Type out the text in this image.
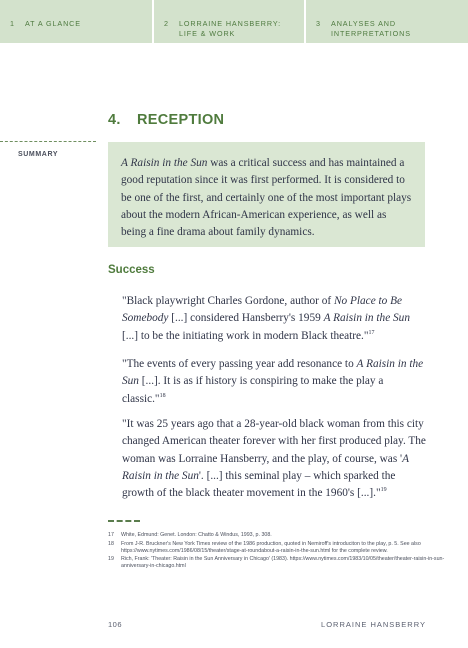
1	AT A GLANCE	2	LORRAINE HANSBERRY:
LIFE & WORK
3	ANALYSES AND
INTERPRETATIONS
4. RECEPTION
SUMMARY
A Raisin in the Sun was a critical success and has maintained a good reputation since it was first performed. It is considered to be one of the first, and certainly one of the most important plays about the modern African-American experience, as well as being a fine drama about family dynamics.
Success
"Black playwright Charles Gordone, author of No Place to Be Somebody [...] considered Hansberry's 1959 A Raisin in the Sun [...] to be the initiating work in modern Black theatre."$^{17}$
"The events of every passing year add resonance to A Raisin in the Sun [...]. It is as if history is conspiring to make the play a classic."$^{18}$
"It was 25 years ago that a 28-year-old black woman from this city changed American theater forever with her first produced play. The woman was Lorraine Hansberry, and the play, of course, was 'A Raisin in the Sun'. [...] this seminal play – which sparked the growth of the black theater movement in the 1960's [...]."$^{19}$
17	White, Edmund: Genet. London: Chatto & Windus, 1993, p. 308.
18	From J-R. Bruckner's New York Times review of the 1986 production, quoted in Nemiroff's introduciton to the play, p. 5. See also https://www.nytimes.com/1986/08/15/theater/stage-at-roundabout-a-raisin-in-the-sun.html for the complete review.
19	Rich, Frank: 'Theater: Raisin in the Sun Anniversary in Chicago' (1983). https://www.nytimes.com/1983/10/05/theater/theater-raisin-in-sun-anniversary-in-chicago.html
106	LORRAINE HANSBERRY
